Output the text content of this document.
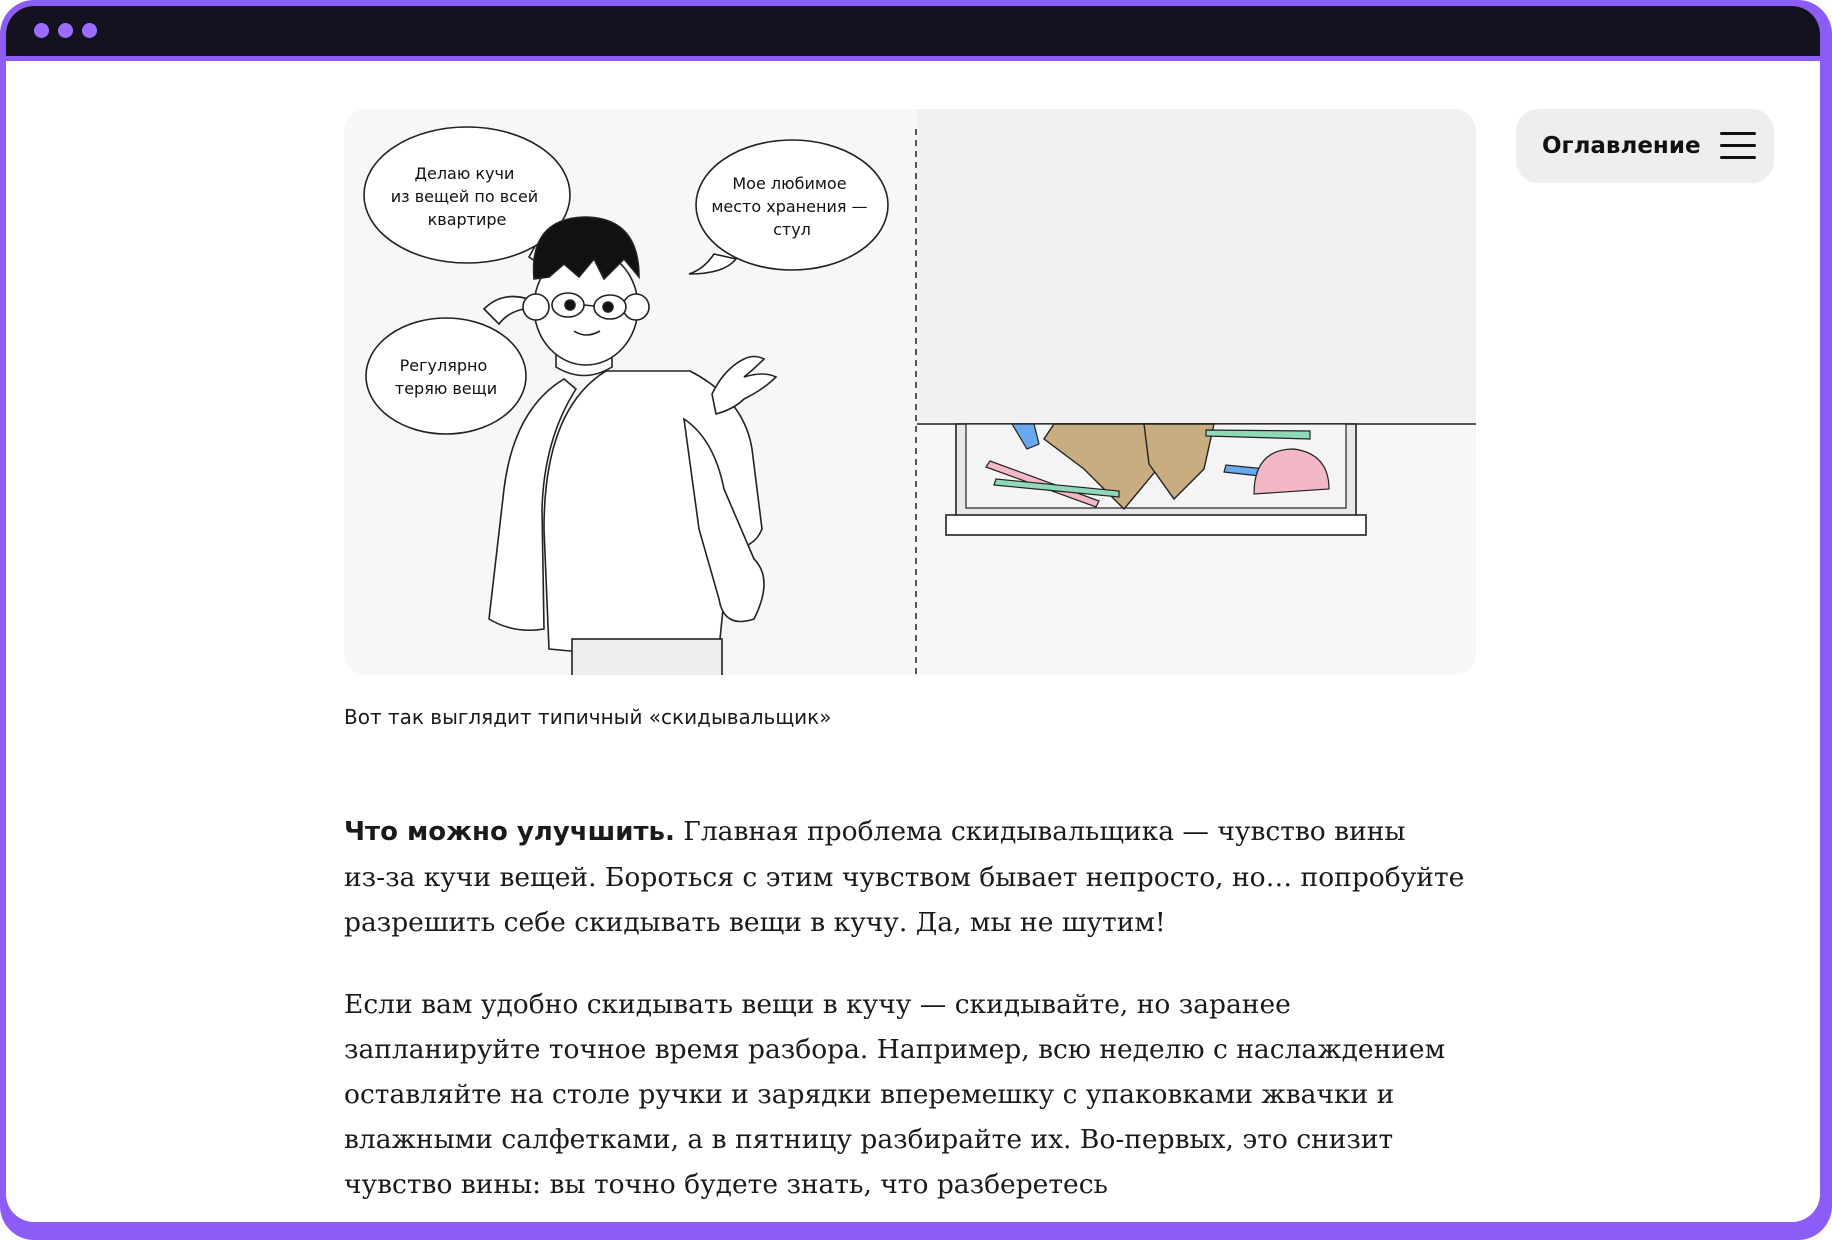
Делаю кучи из вещей по всей квартире
Мое любимое место хранения — стул
Регулярно теряю вещи
Вот так выглядит типичный «скидывальщик»

Что можно улучшить. Главная проблема скидывальщика — чувство вины из‑за кучи вещей. Бороться с этим чувством бывает непросто, но… попробуйте разрешить себе скидывать вещи в кучу. Да, мы не шутим!

Если вам удобно скидывать вещи в кучу — скидывайте, но заранее запланируйте точное время разбора. Например, всю неделю с наслаждением оставляйте на столе ручки и зарядки вперемешку с упаковками жвачки и влажными салфетками, а в пятницу разбирайте их. Во‑первых, это снизит чувство вины: вы точно будете знать, что разберетесь

Оглавление
